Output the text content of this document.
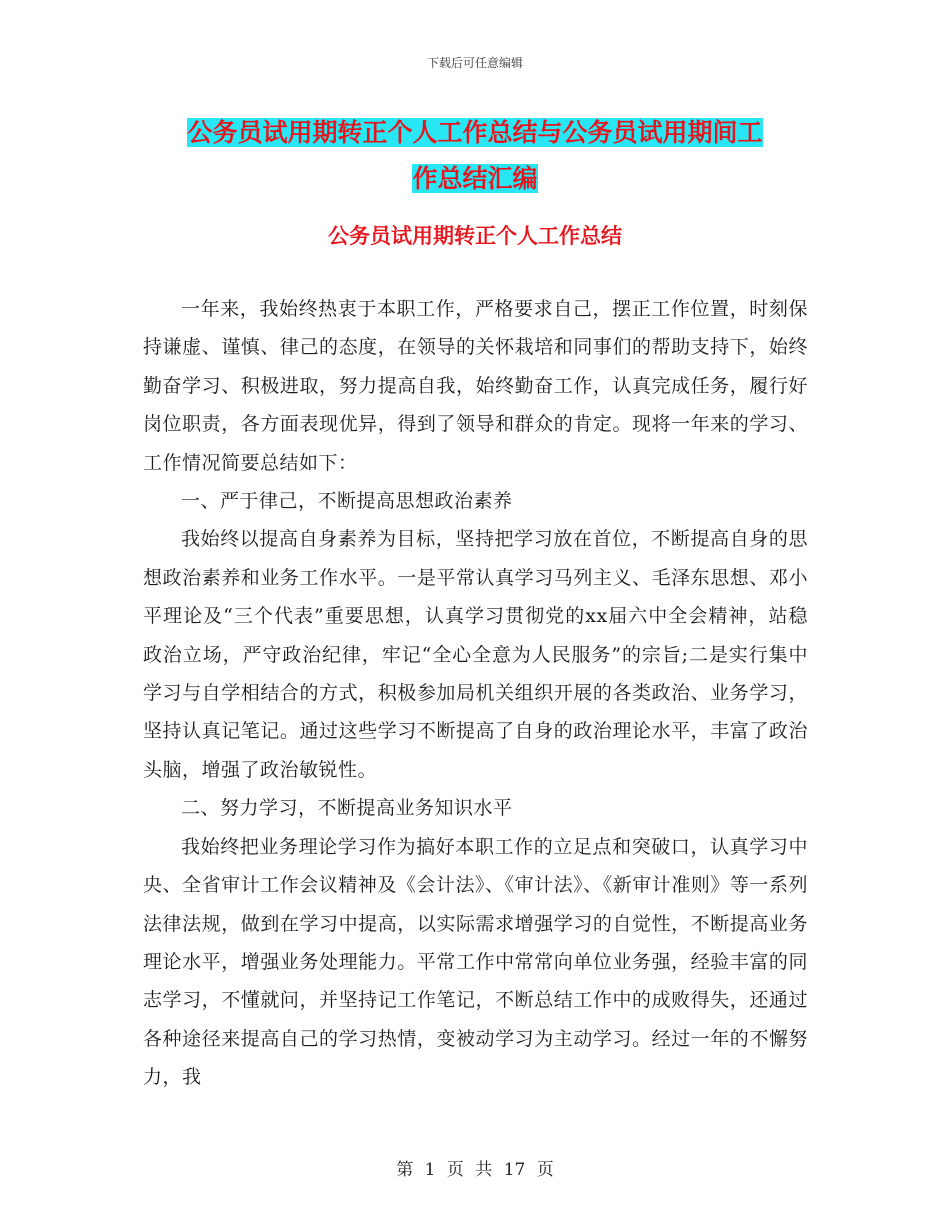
下载后可任意编辑
公务员试用期转正个人工作总结与公务员试用期间工
作总结汇编
公务员试用期转正个人工作总结

一年来，我始终热衷于本职工作，严格要求自己，摆正工作位置，时刻保持谦虚、谨慎、律己的态度，在领导的关怀栽培和同事们的帮助支持下，始终勤奋学习、积极进取，努力提高自我，始终勤奋工作，认真完成任务，履行好岗位职责，各方面表现优异，得到了领导和群众的肯定。现将一年来的学习、工作情况简要总结如下：

一、严于律己，不断提高思想政治素养

我始终以提高自身素养为目标，坚持把学习放在首位，不断提高自身的思想政治素养和业务工作水平。一是平常认真学习马列主义、毛泽东思想、邓小平理论及“三个代表”重要思想，认真学习贯彻党的xx届六中全会精神，站稳政治立场，严守政治纪律，牢记“全心全意为人民服务”的宗旨;二是实行集中学习与自学相结合的方式，积极参加局机关组织开展的各类政治、业务学习，坚持认真记笔记。通过这些学习不断提高了自身的政治理论水平，丰富了政治头脑，增强了政治敏锐性。

二、努力学习，不断提高业务知识水平

我始终把业务理论学习作为搞好本职工作的立足点和突破口，认真学习中央、全省审计工作会议精神及《会计法》、《审计法》、《新审计准则》等一系列法律法规，做到在学习中提高，以实际需求增强学习的自觉性，不断提高业务理论水平，增强业务处理能力。平常工作中常常向单位业务强，经验丰富的同志学习，不懂就问，并坚持记工作笔记，不断总结工作中的成败得失，还通过各种途径来提高自己的学习热情，变被动学习为主动学习。经过一年的不懈努力，我

第 1 页 共 17 页
